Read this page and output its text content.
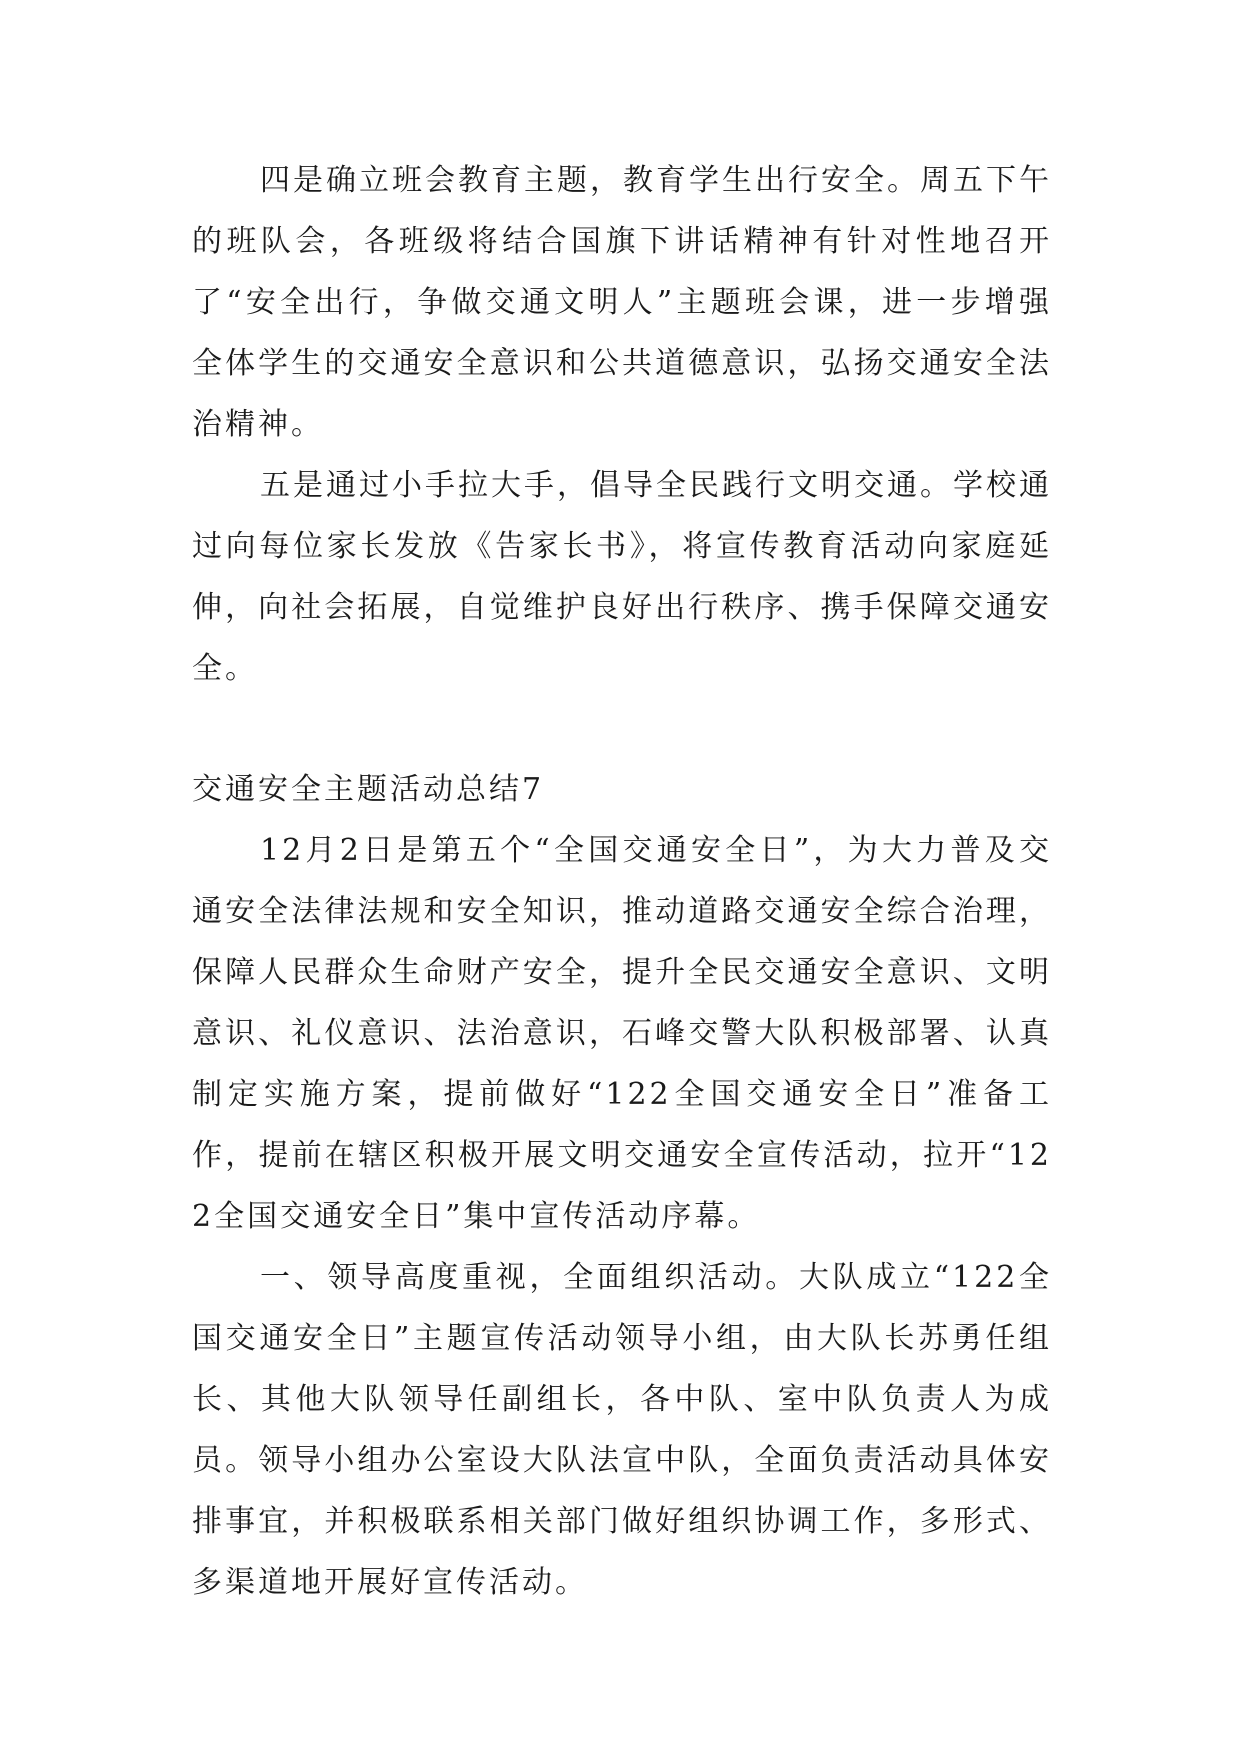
四是确立班会教育主题，教育学生出行安全。周五下午的班队会，各班级将结合国旗下讲话精神有针对性地召开了“安全出行，争做交通文明人”主题班会课，进一步增强全体学生的交通安全意识和公共道德意识，弘扬交通安全法治精神。

五是通过小手拉大手，倡导全民践行文明交通。学校通过向每位家长发放《告家长书》，将宣传教育活动向家庭延伸，向社会拓展，自觉维护良好出行秩序、携手保障交通安全。

交通安全主题活动总结7

12月2日是第五个“全国交通安全日”，为大力普及交通安全法律法规和安全知识，推动道路交通安全综合治理，保障人民群众生命财产安全，提升全民交通安全意识、文明意识、礼仪意识、法治意识，石峰交警大队积极部署、认真制定实施方案，提前做好“122全国交通安全日”准备工作，提前在辖区积极开展文明交通安全宣传活动，拉开“122全国交通安全日”集中宣传活动序幕。

一、领导高度重视，全面组织活动。大队成立“122全国交通安全日”主题宣传活动领导小组，由大队长苏勇任组长、其他大队领导任副组长，各中队、室中队负责人为成员。领导小组办公室设大队法宣中队，全面负责活动具体安排事宜，并积极联系相关部门做好组织协调工作，多形式、多渠道地开展好宣传活动。
